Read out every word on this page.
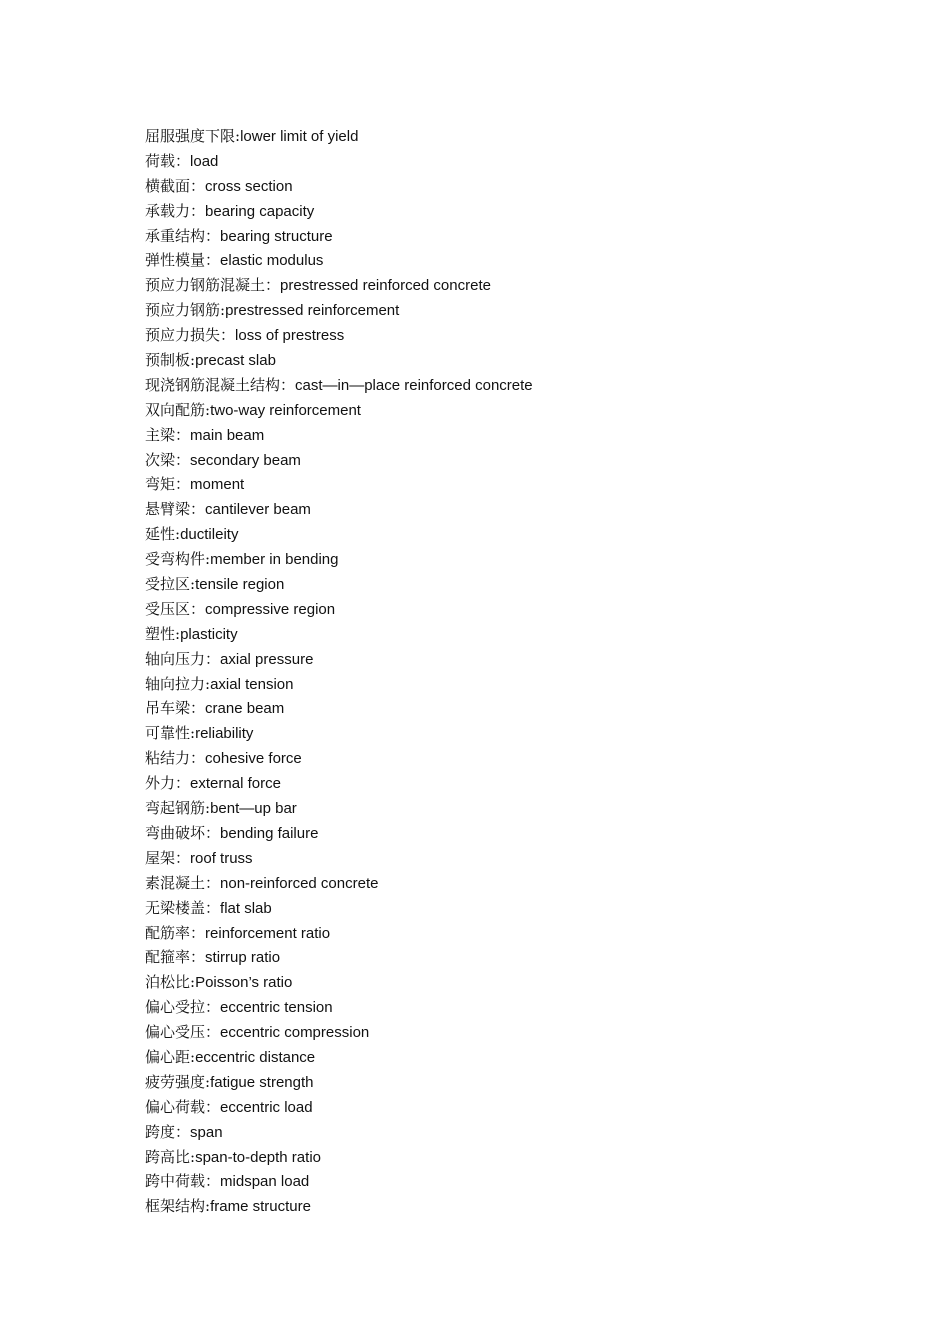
屈服强度下限:lower limit of yield
荷载：load
横截面：cross section
承载力：bearing capacity
承重结构：bearing structure
弹性模量：elastic modulus
预应力钢筋混凝土：prestressed reinforced concrete
预应力钢筋:prestressed reinforcement
预应力损失：loss of prestress
预制板:precast slab
现浇钢筋混凝土结构：cast—in—place reinforced concrete
双向配筋:two-way reinforcement
主梁：main beam
次梁：secondary beam
弯矩：moment
悬臂梁：cantilever beam
延性:ductileity
受弯构件:member in bending
受拉区:tensile region
受压区：compressive region
塑性:plasticity
轴向压力：axial pressure
轴向拉力:axial tension
吊车梁：crane beam
可靠性:reliability
粘结力：cohesive force
外力：external force
弯起钢筋:bent—up bar
弯曲破坏：bending failure
屋架：roof truss
素混凝土：non-reinforced concrete
无梁楼盖：flat slab
配筋率：reinforcement ratio
配箍率：stirrup ratio
泊松比:Poisson’s ratio
偏心受拉：eccentric tension
偏心受压：eccentric compression
偏心距:eccentric distance
疲劳强度:fatigue strength
偏心荷载：eccentric load
跨度：span
跨高比:span-to-depth ratio
跨中荷载：midspan load
框架结构:frame structure
